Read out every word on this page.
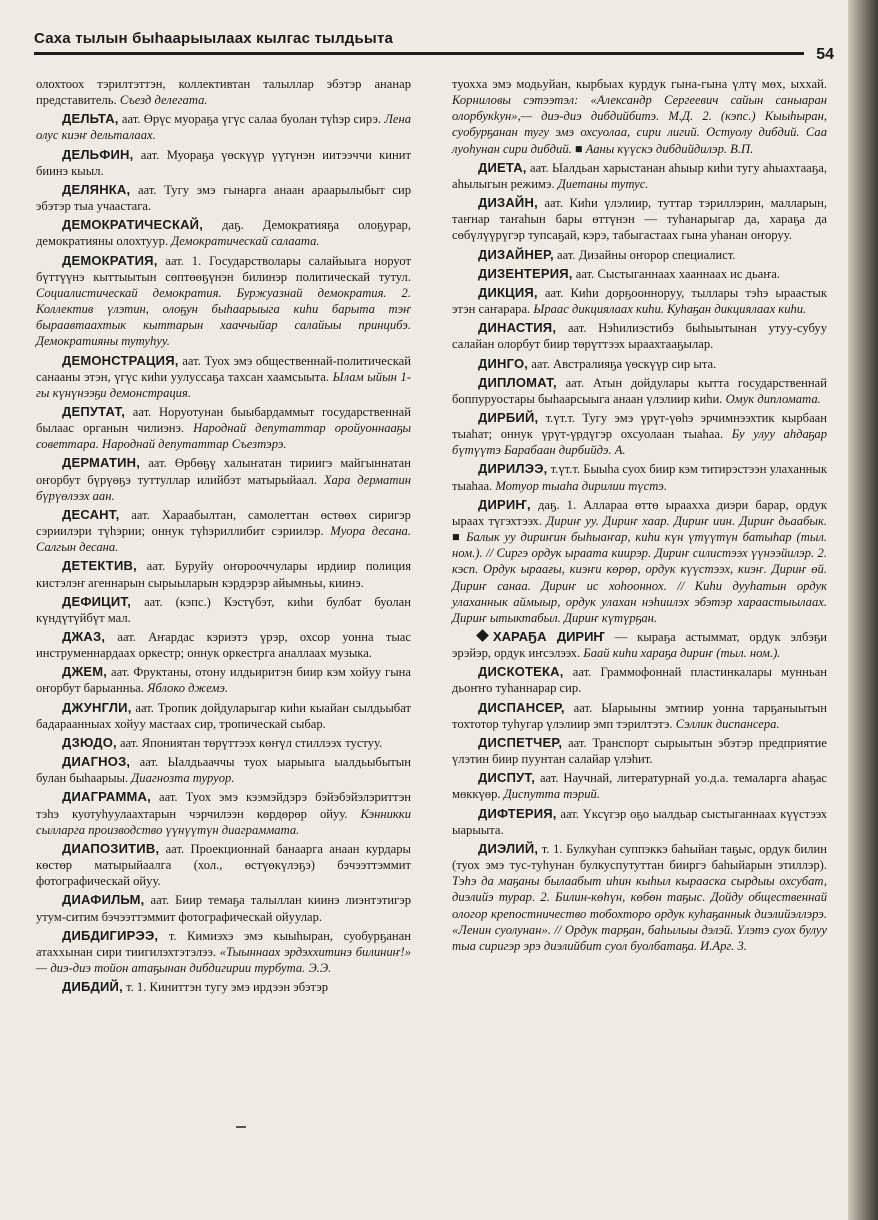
Саха тылын быһаарыылаах кылгас тылдьыта
54

олохтоох тэрилтэттэн, коллективтан талыллар эбэтэр ананар представитель. Съезд делегата.

ДЕЛЬТА, аат. Өрүс муораҕа үгүс салаа буолан түһэр сирэ. Лена олус киэҥ дельталаах.

ДЕЛЬФИН, аат. Муораҕа үөскүүр үүтүнэн иитээччи кинит биинэ кыыл.

ДЕЛЯНКА, аат. Тугу эмэ гынарга анаан араарылыбыт сир эбэтэр тыа учаастага.

ДЕМОКРАТИЧЕСКАЙ, даҕ. Демократияҕа олоҕурар, демократияны олохтуур. Демократическай салаата.

ДЕМОКРАТИЯ, аат. 1. Государстволары салайыыга норуот бүттүүнэ кыттыытын сөптөөҕүнэн билинэр политическай тутул. Социалистическай демократия. Буржуазнай демократия. 2. Коллектив үлэтин, олоҕун быһаарыыга киһи барыта тэҥ быраавтаахтык кыттарын хааччыйар салайыы принцибэ. Демократияны тутуһуу.

ДЕМОНСТРАЦИЯ, аат. Туох эмэ общественнай-политическай санааны этэн, үгүс киһи уулуссаҕа тахсан хаамсыыта. Ылам ыйын 1-гы күнүнээҕи демонстрация.

ДЕПУТАТ, аат. Норуотунан быыбардаммыт государственнай былаас органын чилиэнэ. Народнай депутаттар оройуоннааҕы советтара. Народнай депутаттар Съезтэрэ.

ДЕРМАТИН, аат. Өрбөҕү халыҥатан тириигэ майгыннатан оҥорбут бүрүөҕэ туттуллар илийбэт матырыйаал. Хара дерматин бүрүөлээх аан.

ДЕСАНТ, аат. Хараабылтан, самолеттан өстөөх сиригэр сэриилэри түһэрии; оннук түһэриллибит сэриилэр. Муора десана. Салгын десана.

ДЕТЕКТИВ, аат. Буруйу оҥорооччулары ирдиир полиция кистэлэҥ агеннарын сырыыларын кэрдэрэр айымньы, киинэ.

ДЕФИЦИТ, аат. (кэпс.) Кэстүбэт, киһи булбат буолан күндүтүйбүт мал.

ДЖАЗ, аат. Аҥардас кэриэтэ үрэр, охсор уонна тыас инструменнардаах оркестр; оннук оркестрга аналлаах музыка.

ДЖЕМ, аат. Фруктаны, отону илдьиритэн биир кэм хойуу гына оҥорбут барыанньа. Яблоко джемэ.

ДЖУНГЛИ, аат. Тропик дойдуларыгар киһи кыайан сылдьыбат бадараанныах хойуу мастаах сир, тропическай сыбар.

ДЗЮДО, аат. Япониятан төрүттээх көҥүл стиллээх тустуу.

ДИАГНОЗ, аат. Ыалдьааччы туох ыарыыга ыалдьыбытын булан быһаарыы. Диагнозта туруор.

ДИАГРАММА, аат. Туох эмэ кээмэйдэрэ бэйэбэйэлэриттэн тэһэ куотуһуулаахтарын чэрчилээн көрдөрөр ойуу. Кэнникки сылларга производство үүнүүтүн диаграммата.

ДИАПОЗИТИВ, аат. Проекционнай банаарга анаан курдары көстөр матырыйаалга (хол., өстүөкүлэҕэ) бэчээттэммит фотографическай ойуу.

ДИАФИЛЬМ, аат. Биир темаҕа талыллан киинэ лиэнтэтигэр утум-ситим бэчээттэммит фотографическай ойуулар.

ДИБДИГИРЭЭ, т. Кимиэхэ эмэ кыыһыран, суобурҕанан атаххынан сири тиигилэхтэтэлээ. «Тыыннаах эрдэххитинэ билиниҥ!» — диэ-диэ тойон атаҕынан дибдигирии турбута. Э.Э.

ДИБДИЙ, т. 1. Киниттэн тугу эмэ ирдээн эбэтэр

туохха эмэ модьуйан, кырбыах курдук гына-гына үлтү мөх, ыххай. Корниловы сэтээтэл: «Александр Сергеевич сайын саныаран олорбукkун»,— диэ-диэ дибдийбитэ. М.Д. 2. (кэпс.) Кыыһыран, суобурҕанан тугу эмэ охсуолаа, сири лигий. Остуолу дибдий. Саа луоһунан сири дибдий. ■ Ааны күүскэ дибдийдилэр. В.П.

ДИЕТА, аат. Ыалдьан харыстанан аһыыр киһи тугу аһыахтааҕа, аһылыгын режимэ. Диетаны тутус.

ДИЗАЙН, аат. Киһи үлэлиир, туттар тэриллэрин, малларын, таҥнар таҥаһын бары өттүнэн — туһанарыгар да, хараҕа да сөбүлүүрүгэр тупсаҕай, кэрэ, табыгастаах гына уһанан оҥоруу.

ДИЗАЙНЕР, аат. Дизайны оҥорор специалист.

ДИЗЕНТЕРИЯ, аат. Сыстыганнаах хааннаах ис дьаҥа.

ДИКЦИЯ, аат. Киһи дорҕоонноруу, тыллары тэһэ ыраастык этэн саҥарара. Ыраас дикциялаах киһи. Куһаҕан дикциялаах киһи.

ДИНАСТИЯ, аат. Нэһилиэстибэ быһыытынан утуу-субуу салайан олорбут биир төрүттээх ыраахтааҕылар.

ДИНГО, аат. Австралияҕа үөскүүр сир ыта.

ДИПЛОМАТ, аат. Атын дойдулары кытта государственнай боппуруостары быһаарсыыга анаан үлэлиир киһи. Омук дипломата.

ДИРБИЙ, т.үт.т. Тугу эмэ үрүт-үөһэ эрчимнээхтик кырбаан тыаһат; оннук үрүт-үрдүгэр охсуолаан тыаһаа. Бу улуу аһдаҕар бүтүүтэ Барабаан дирбийдэ. А.

ДИРИЛЭЭ, т.үт.т. Быыһа суох биир кэм титирэстээн улаханнык тыаһаа. Мотуор тыаһа дирилии түстэ.

ДИРИҤ, даҕ. 1. Аллараа өттө ыраахха диэри барар, ордук ыраах түгэхтээх. Дириҥ уу. Дириҥ хаар. Дириҥ иин. Дириҥ дьаабык. ■ Балык уу дириҥин быһыаҥар, киһи күн үтүүтүн батыһар (тыл. ном.). // Сиргэ ордук ыраата киирэр. Дириҥ силистээх үүнээйилэр. 2. кэсп. Ордук ыраағы, киэҥи көрөр, ордук күүстээх, киэҥ. Дириҥ өй. Дириҥ санаа. Дириҥ ис хоһооннох. // Киһи дууһатын ордук улаханнык аймыыр, ордук улахан нэһиилэх эбэтэр хараастыылаах. Дириҥ ытыктабыл. Дириҥ күтүрҕан.

ХАРАҔА ДИРИҤ — кыраҕа астыммат, ордук элбэҕи эрэйэр, ордук иҥсэлээх. Баай киһи хараҕа дириҥ (тыл. ном.).

ДИСКОТЕКА, аат. Граммофоннай пластинкалары мунньан дьоҥҥо туһаннарар сир.

ДИСПАНСЕР, аат. Ыарыыны эмтиир уонна тарҕаныытын тохтотор туһугар үлэлиир эмп тэрилтэтэ. Сэллик диспансера.

ДИСПЕТЧЕР, аат. Транспорт сырыытын эбэтэр предприятие үлэтин биир пуунтан салайар үлэһит.

ДИСПУТ, аат. Научнай, литературнай уо.д.а. темаларга аһаҕас мөккүөр. Диспутта тэрий.

ДИФТЕРИЯ, аат. Үксүгэр оҕо ыалдьар сыстыганнаах күүстээх ыарыыта.

ДИЭЛИЙ, т. 1. Булкуһан суппэккэ баһыйан таҕыс, ордук билин (туох эмэ тус-туһунан булкуспутуттан бииргэ баһыйарын этиллэр). Тэһэ да маҕаны былаабыт иһин кыһыл кырааска сырдыы охсубат, диэлийэ турар. 2. Билин-көһүн, көбөн таҕыс. Дойду общественнай ологор крепостничество тобохторо ордук куһаҕанныk диэлийэллэрэ. «Ленин суолунан». // Ордук тарҕан, баһылыы дэлэй. Үлэтэ суох булуу тыа сиригэр эрэ диэлийбит суол буолбатаҕа. И.Арг. 3.
